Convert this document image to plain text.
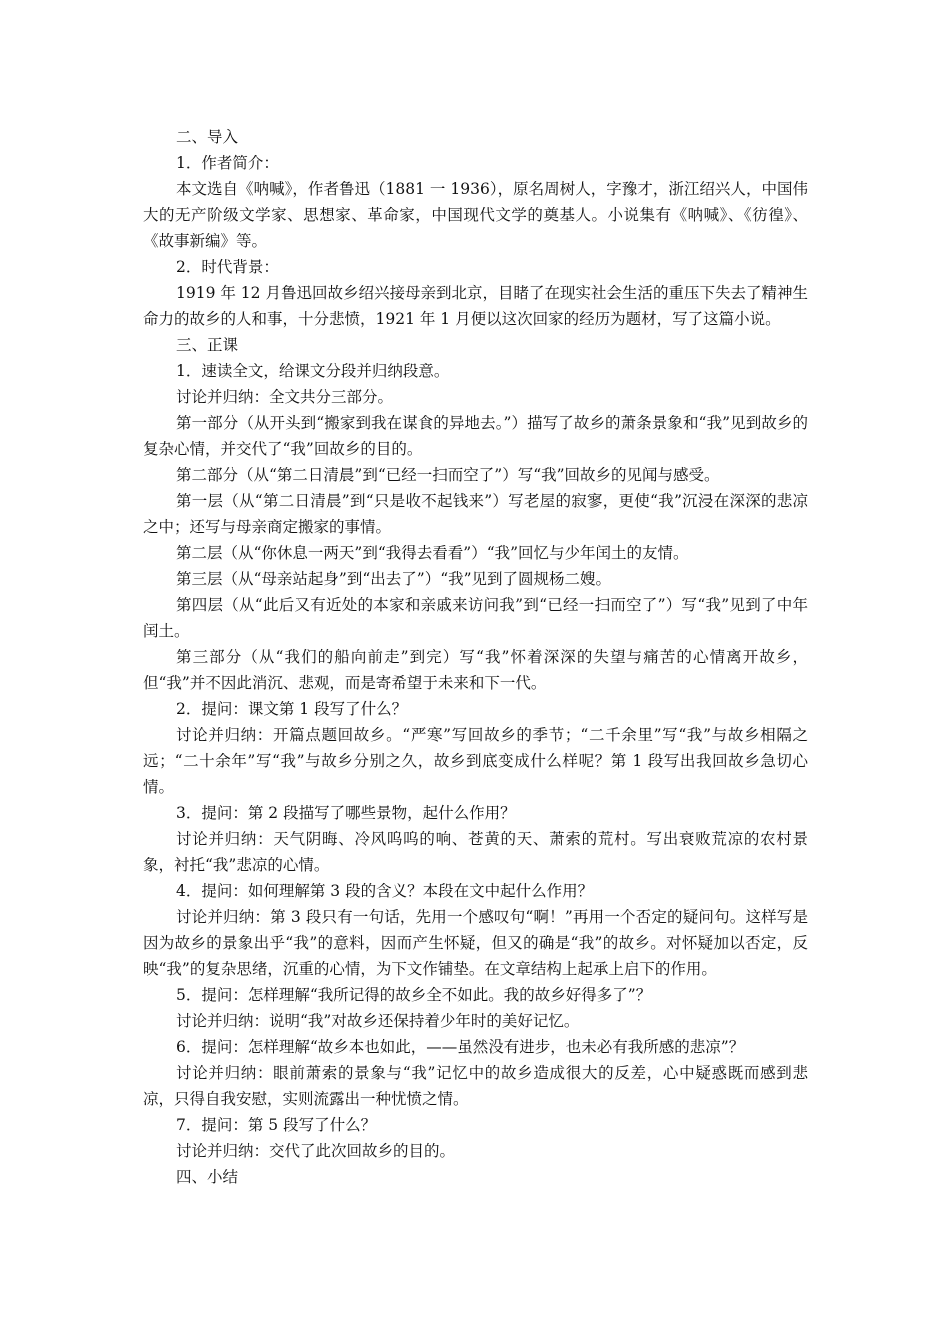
二、导入

1．作者简介：

本文选自《呐喊》，作者鲁迅（1881 一 1936），原名周树人，字豫才，浙江绍兴人，中国伟大的无产阶级文学家、思想家、革命家，中国现代文学的奠基人。小说集有《呐喊》、《彷徨》、《故事新编》等。

2．时代背景：

1919 年 12 月鲁迅回故乡绍兴接母亲到北京，目睹了在现实社会生活的重压下失去了精神生命力的故乡的人和事，十分悲愤，1921 年 1 月便以这次回家的经历为题材，写了这篇小说。

三、正课

1．速读全文，给课文分段并归纳段意。

讨论并归纳：全文共分三部分。

第一部分（从开头到“搬家到我在谋食的异地去。”）描写了故乡的萧条景象和“我”见到故乡的复杂心情，并交代了“我”回故乡的目的。

第二部分（从“第二日清晨”到“已经一扫而空了”）写“我”回故乡的见闻与感受。

第一层（从“第二日清晨”到“只是收不起钱来”）写老屋的寂寥，更使“我”沉浸在深深的悲凉之中；还写与母亲商定搬家的事情。

第二层（从“你休息一两天”到“我得去看看”）“我”回忆与少年闰土的友情。

第三层（从“母亲站起身”到“出去了”）“我”见到了圆规杨二嫂。

第四层（从“此后又有近处的本家和亲戚来访问我”到“已经一扫而空了”）写“我”见到了中年闰土。

第三部分（从“我们的船向前走”到完）写“我”怀着深深的失望与痛苦的心情离开故乡，但“我”并不因此消沉、悲观，而是寄希望于未来和下一代。

2．提问：课文第 1 段写了什么？

讨论并归纳：开篇点题回故乡。“严寒”写回故乡的季节；“二千余里”写“我”与故乡相隔之远；“二十余年”写“我”与故乡分别之久，故乡到底变成什么样呢？第 1 段写出我回故乡急切心情。

3．提问：第 2 段描写了哪些景物，起什么作用？

讨论并归纳：天气阴晦、冷风呜呜的响、苍黄的天、萧索的荒村。写出衰败荒凉的农村景象，衬托“我”悲凉的心情。

4．提问：如何理解第 3 段的含义？本段在文中起什么作用？

讨论并归纳：第 3 段只有一句话，先用一个感叹句“啊！”再用一个否定的疑问句。这样写是因为故乡的景象出乎“我”的意料，因而产生怀疑，但又的确是“我”的故乡。对怀疑加以否定，反映“我”的复杂思绪，沉重的心情，为下文作铺垫。在文章结构上起承上启下的作用。

5．提问：怎样理解“我所记得的故乡全不如此。我的故乡好得多了”？

讨论并归纳：说明“我”对故乡还保持着少年时的美好记忆。

6．提问：怎样理解“故乡本也如此，——虽然没有进步，也未必有我所感的悲凉”？

讨论并归纳：眼前萧索的景象与“我”记忆中的故乡造成很大的反差，心中疑惑既而感到悲凉，只得自我安慰，实则流露出一种忧愤之情。

7．提问：第 5 段写了什么？

讨论并归纳：交代了此次回故乡的目的。

四、小结
